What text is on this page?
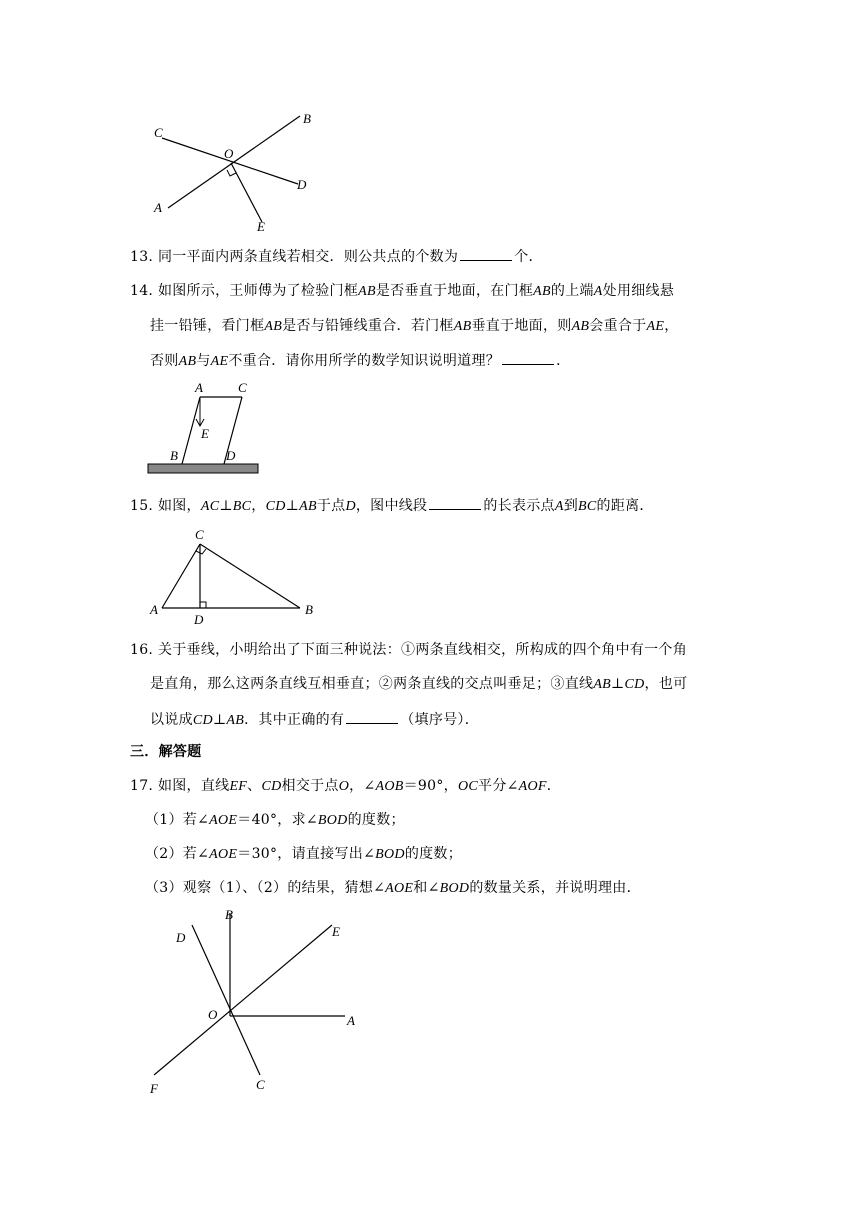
C
O
B
A
D
E
13. 同一平面内两条直线若相交．则公共点的个数为	个．
14. 如图所示，王师傅为了检验门框AB是否垂直于地面，在门框AB的上端A处用细线悬
挂一铅锤，看门框AB是否与铅锤线重合．若门框AB垂直于地面，则AB会重合于AE，
否则AB与AE不重合．请你用所学的数学知识说明道理？	．
A	C
E
B	D
15. 如图，AC⊥BC，CD⊥AB于点D，图中线段	的长表示点A到BC的距离．
C
A
D
B
16. 关于垂线，小明给出了下面三种说法：①两条直线相交，所构成的四个角中有一个角
是直角，那么这两条直线互相垂直；②两条直线的交点叫垂足；③直线AB⊥CD，也可
以说成CD⊥AB．其中正确的有	（填序号）．
三．解答题
17. 如图，直线EF、CD相交于点O，∠AOB＝90°，OC平分∠AOF．
（1）若∠AOE＝40°，求∠BOD的度数；
（2）若∠AOE＝30°，请直接写出∠BOD的度数；
（3）观察（1）、（2）的结果，猜想∠AOE和∠BOD的数量关系，并说明理由．
B
E
D
O	A
F	C
